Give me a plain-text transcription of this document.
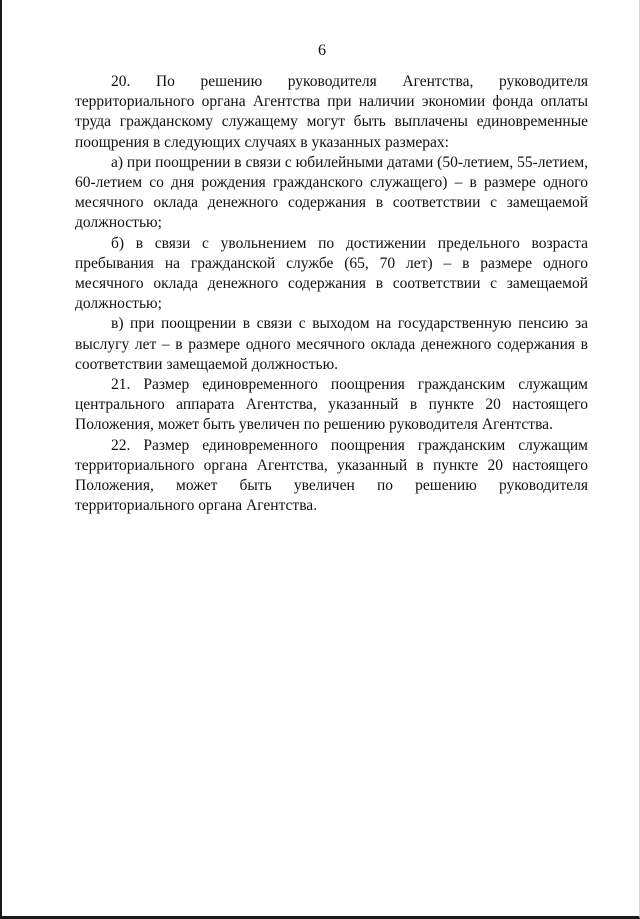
6

20. По решению руководителя Агентства, руководителя территориального органа Агентства при наличии экономии фонда оплаты труда гражданскому служащему могут быть выплачены единовременные поощрения в следующих случаях в указанных размерах:

а) при поощрении в связи с юбилейными датами (50-летием, 55-летием, 60-летием со дня рождения гражданского служащего) – в размере одного месячного оклада денежного содержания в соответствии с замещаемой должностью;

б) в связи с увольнением по достижении предельного возраста пребывания на гражданской службе (65, 70 лет) – в размере одного месячного оклада денежного содержания в соответствии с замещаемой должностью;

в) при поощрении в связи с выходом на государственную пенсию за выслугу лет – в размере одного месячного оклада денежного содержания в соответствии замещаемой должностью.

21. Размер единовременного поощрения гражданским служащим центрального аппарата Агентства, указанный в пункте 20 настоящего Положения, может быть увеличен по решению руководителя Агентства.

22. Размер единовременного поощрения гражданским служащим территориального органа Агентства, указанный в пункте 20 настоящего Положения, может быть увеличен по решению руководителя территориального органа Агентства.
